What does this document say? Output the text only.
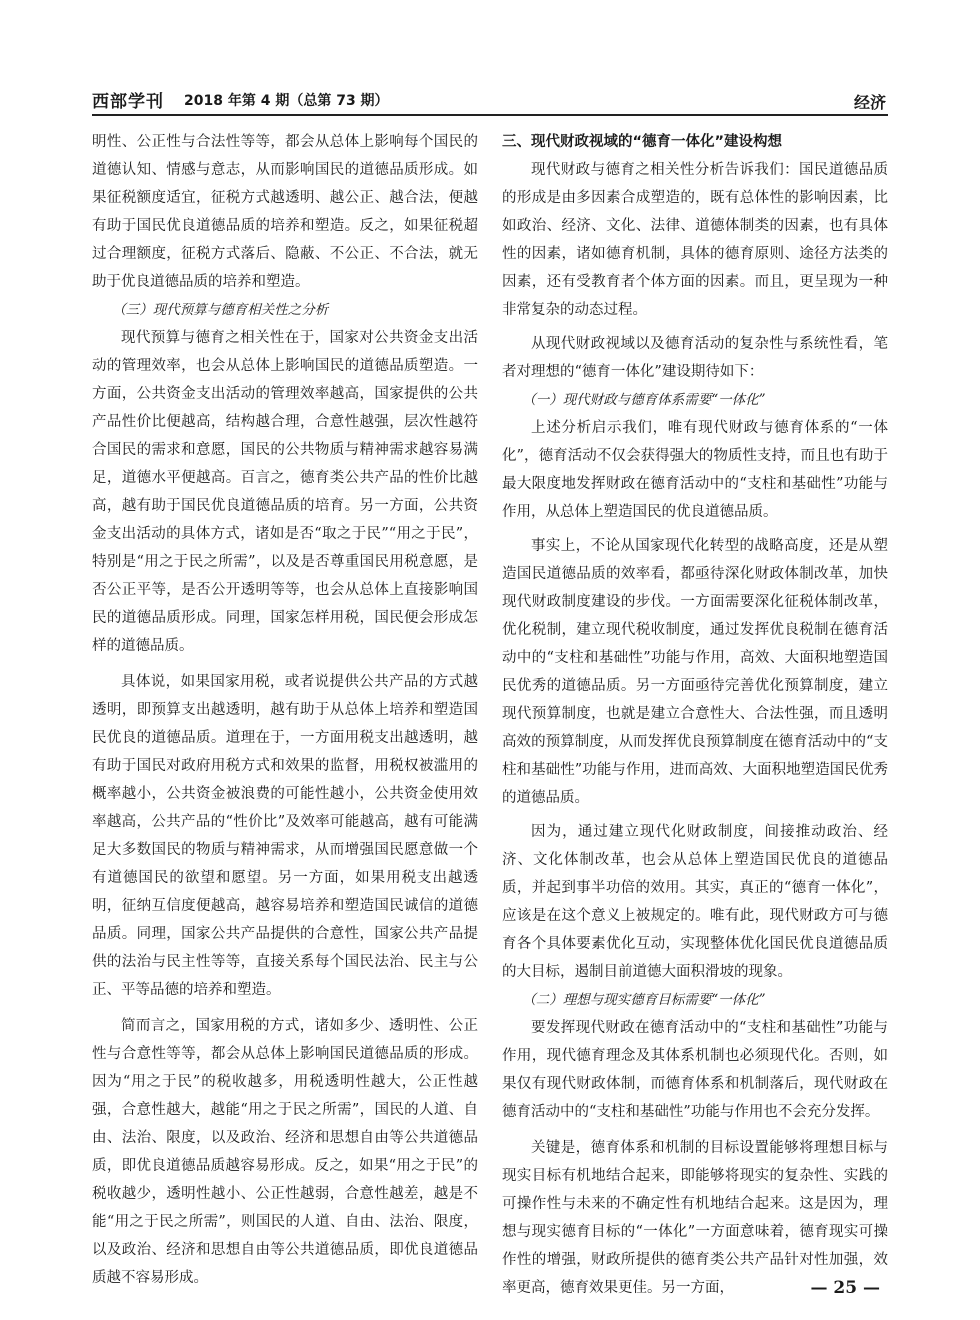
西部学刊 2018 年第 4 期（总第 73 期）	经济

明性、公正性与合法性等等，都会从总体上影响每个国民的道德认知、情感与意志，从而影响国民的道德品质形成。如果征税额度适宜，征税方式越透明、越公正、越合法，便越有助于国民优良道德品质的培养和塑造。反之，如果征税超过合理额度，征税方式落后、隐蔽、不公正、不合法，就无助于优良道德品质的培养和塑造。

（三）现代预算与德育相关性之分析

现代预算与德育之相关性在于，国家对公共资金支出活动的管理效率，也会从总体上影响国民的道德品质塑造。一方面，公共资金支出活动的管理效率越高，国家提供的公共产品性价比便越高，结构越合理，合意性越强，层次性越符合国民的需求和意愿，国民的公共物质与精神需求越容易满足，道德水平便越高。百言之，德育类公共产品的性价比越高，越有助于国民优良道德品质的培育。另一方面，公共资金支出活动的具体方式，诸如是否“取之于民”“用之于民”，特别是“用之于民之所需”，以及是否尊重国民用税意愿，是否公正平等，是否公开透明等等，也会从总体上直接影响国民的道德品质形成。同理，国家怎样用税，国民便会形成怎样的道德品质。

具体说，如果国家用税，或者说提供公共产品的方式越透明，即预算支出越透明，越有助于从总体上培养和塑造国民优良的道德品质。道理在于，一方面用税支出越透明，越有助于国民对政府用税方式和效果的监督，用税权被滥用的概率越小，公共资金被浪费的可能性越小，公共资金使用效率越高，公共产品的“性价比”及效率可能越高，越有可能满足大多数国民的物质与精神需求，从而增强国民愿意做一个有道德国民的欲望和愿望。另一方面，如果用税支出越透明，征纳互信度便越高，越容易培养和塑造国民诚信的道德品质。同理，国家公共产品提供的合意性，国家公共产品提供的法治与民主性等等，直接关系每个国民法治、民主与公正、平等品德的培养和塑造。

简而言之，国家用税的方式，诸如多少、透明性、公正性与合意性等等，都会从总体上影响国民道德品质的形成。因为“用之于民”的税收越多，用税透明性越大，公正性越强，合意性越大，越能“用之于民之所需”，国民的人道、自由、法治、限度，以及政治、经济和思想自由等公共道德品质，即优良道德品质越容易形成。反之，如果“用之于民”的税收越少，透明性越小、公正性越弱，合意性越差，越是不能“用之于民之所需”，则国民的人道、自由、法治、限度，以及政治、经济和思想自由等公共道德品质，即优良道德品质越不容易形成。

三、现代财政视域的“德育一体化”建设构想

现代财政与德育之相关性分析告诉我们：国民道德品质的形成是由多因素合成塑造的，既有总体性的影响因素，比如政治、经济、文化、法律、道德体制类的因素，也有具体性的因素，诸如德育机制，具体的德育原则、途径方法类的因素，还有受教育者个体方面的因素。而且，更呈现为一种非常复杂的动态过程。

从现代财政视域以及德育活动的复杂性与系统性看，笔者对理想的“德育一体化”建设期待如下：

（一）现代财政与德育体系需要“一体化”

上述分析启示我们，唯有现代财政与德育体系的“一体化”，德育活动不仅会获得强大的物质性支持，而且也有助于最大限度地发挥财政在德育活动中的“支柱和基础性”功能与作用，从总体上塑造国民的优良道德品质。

事实上，不论从国家现代化转型的战略高度，还是从塑造国民道德品质的效率看，都亟待深化财政体制改革，加快现代财政制度建设的步伐。一方面需要深化征税体制改革，优化税制，建立现代税收制度，通过发挥优良税制在德育活动中的“支柱和基础性”功能与作用，高效、大面积地塑造国民优秀的道德品质。另一方面亟待完善优化预算制度，建立现代预算制度，也就是建立合意性大、合法性强，而且透明高效的预算制度，从而发挥优良预算制度在德育活动中的“支柱和基础性”功能与作用，进而高效、大面积地塑造国民优秀的道德品质。

因为，通过建立现代化财政制度，间接推动政治、经济、文化体制改革，也会从总体上塑造国民优良的道德品质，并起到事半功倍的效用。其实，真正的“德育一体化”，应该是在这个意义上被规定的。唯有此，现代财政方可与德育各个具体要素优化互动，实现整体优化国民优良道德品质的大目标，遏制目前道德大面积滑坡的现象。

（二）理想与现实德育目标需要“一体化”

要发挥现代财政在德育活动中的“支柱和基础性”功能与作用，现代德育理念及其体系机制也必须现代化。否则，如果仅有现代财政体制，而德育体系和机制落后，现代财政在德育活动中的“支柱和基础性”功能与作用也不会充分发挥。

关键是，德育体系和机制的目标设置能够将理想目标与现实目标有机地结合起来，即能够将现实的复杂性、实践的可操作性与未来的不确定性有机地结合起来。这是因为，理想与现实德育目标的“一体化”一方面意味着，德育现实可操作性的增强，财政所提供的德育类公共产品针对性加强，效率更高，德育效果更佳。另一方面，	— 25 —
